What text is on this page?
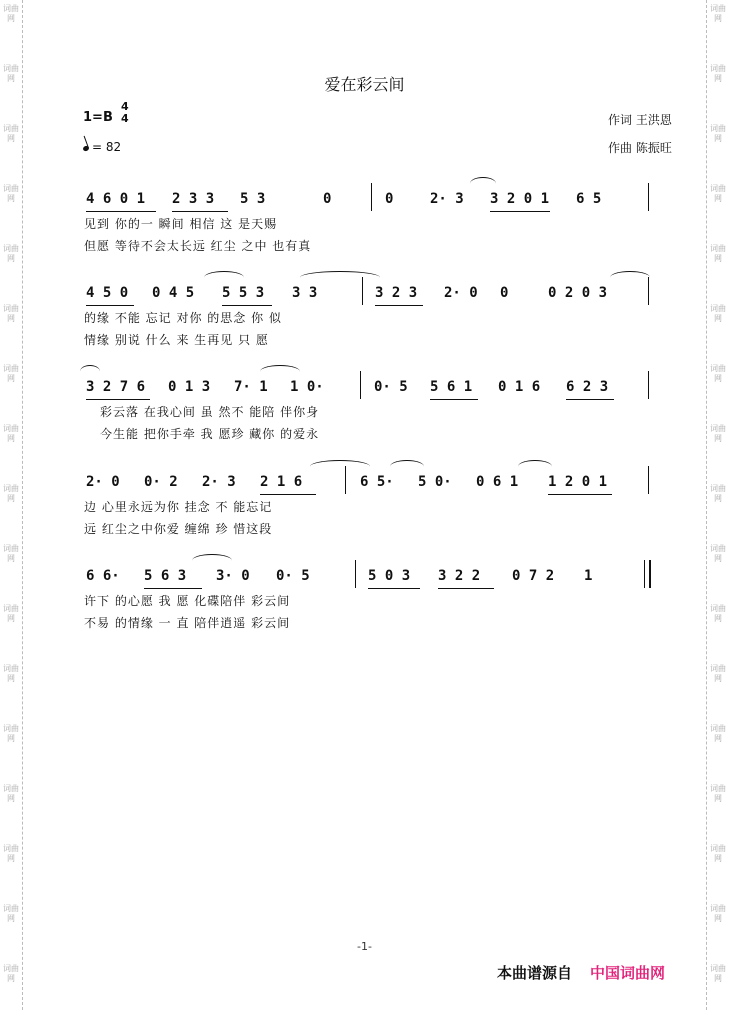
词曲网
词曲网
词曲网
词曲网
词曲网
词曲网
词曲网
词曲网
词曲网
词曲网
词曲网
词曲网
词曲网
词曲网
词曲网
词曲网
词曲网
词曲网
词曲网
词曲网
词曲网
词曲网
词曲网
词曲网
词曲网
词曲网
词曲网
词曲网
词曲网
词曲网
词曲网
词曲网
词曲网
词曲网
爱在彩云间
1=B
4
4
= 82
作词 王洪恩
作曲 陈振旺
4 6 0 1 2 3 3 5 3	0	0	2· 3 3 2 0 1 6 5
见到 你的一 瞬间 相信 这 是天赐
但愿 等待不会太长远 红尘 之中 也有真
4 5 0 0 4 5 5 5 3 3 3	3 2 3 2· 0 0	0 2 0 3
的缘 不能 忘记 对你 的思念 你 似
情缘 别说 什么 来 生再见 只 愿
3 2 7 6 0 1 3 7· 1 1 0·	0· 5 5 6 1 0 1 6 6 2 3
彩云落 在我心间 虽 然不 能陪 伴你身
今生能 把你手牵 我 愿珍 藏你 的爱永
2· 0 0· 2 2· 3 2 1 6	6 5· 5 0· 0 6 1 1 2 0 1
边 心里永远为你 挂念 不 能忘记
远 红尘之中你爱 缠绵 珍 惜这段
6 6· 5 6 3 3· 0 0· 5	5 0 3 3 2 2 0 7 2 1
许下 的心愿 我 愿 化碟陪伴 彩云间
不易 的情缘 一 直 陪伴逍遥 彩云间
-1-
本曲谱源自 中国词曲网
